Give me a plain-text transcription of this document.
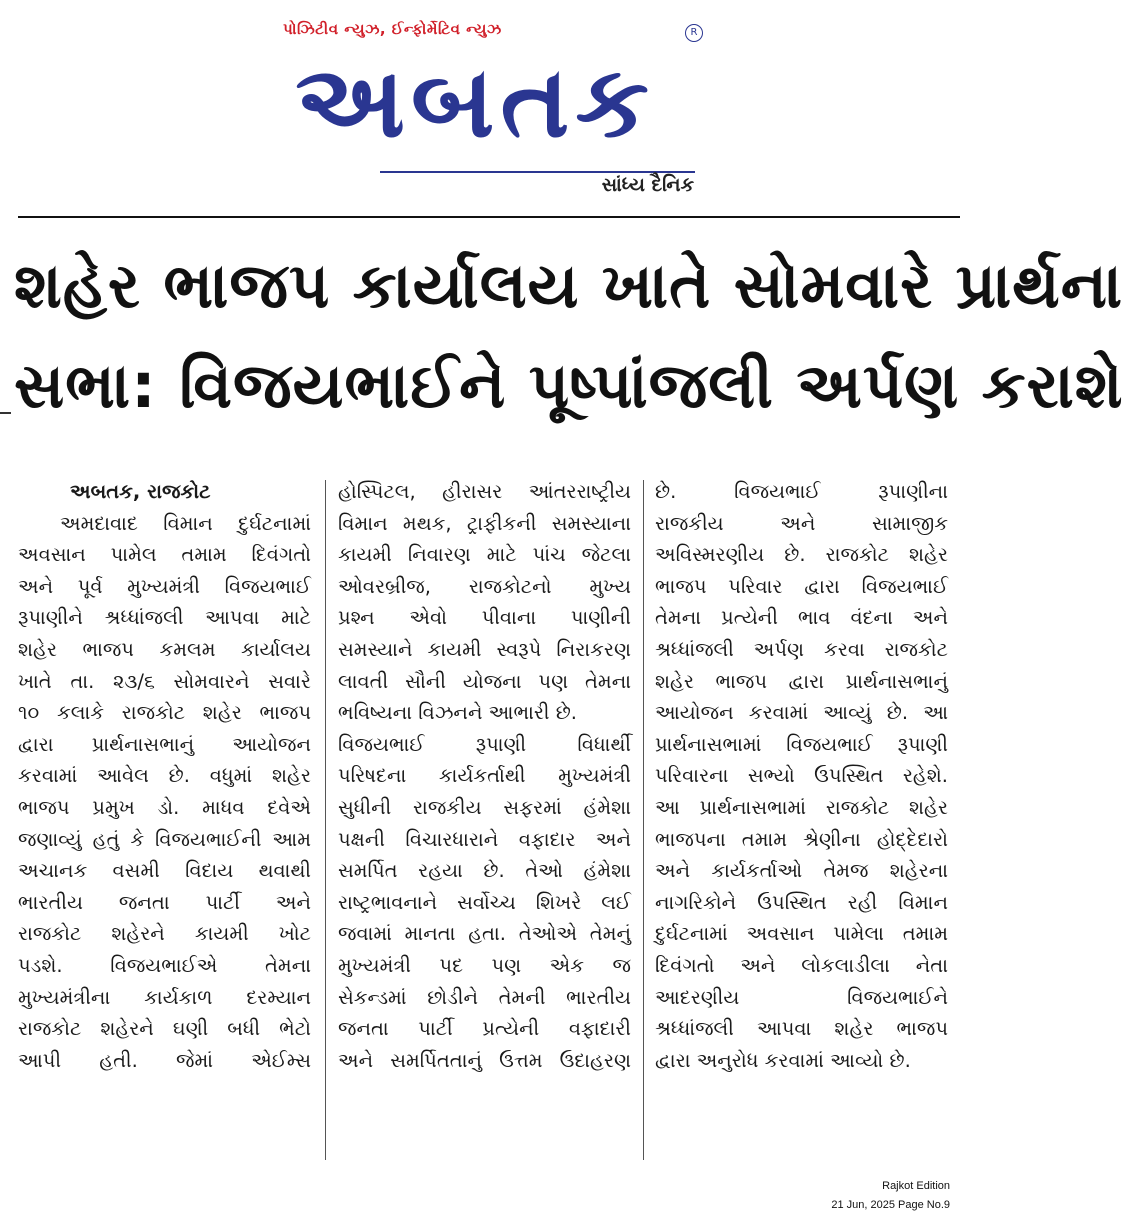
પોઝિટીવ ન્યુઝ, ઈન્ફોર્મેટિવ ન્યુઝ	R
અબતક
સાંધ્ય દૈનિક
શહેર ભાજપ કાર્યાલય ખાતે સોમવારે પ્રાર્થના
સભા: વિજયભાઈને પૂષ્પાંજલી અર્પણ કરાશે
અબતક, રાજકોટ
અમદાવાદ વિમાન દુર્ઘટનામાં
અવસાન પામેલ તમામ દિવંગતો
અને પૂર્વ મુખ્યમંત્રી વિજયભાઈ
રૂપાણીને શ્રધ્ધાંજલી આપવા માટે
શહેર ભાજપ કમલમ કાર્યાલય
ખાતે તા. ૨૩/૬ સોમવારને સવારે
૧૦ કલાકે રાજકોટ શહેર ભાજપ
દ્વારા પ્રાર્થનાસભાનું આયોજન
કરવામાં આવેલ છે. વધુમાં શહેર
ભાજપ પ્રમુખ ડો. માધવ દવેએ
જણાવ્યું હતું કે વિજયભાઈની આમ
અચાનક વસમી વિદાય થવાથી
ભારતીય જનતા પાર્ટી અને
રાજકોટ શહેરને કાયમી ખોટ
પડશે. વિજયભાઈએ તેમના
મુખ્યમંત્રીના કાર્યકાળ દરમ્યાન
રાજકોટ શહેરને ઘણી બધી ભેટો
આપી હતી. જેમાં એઈમ્સ
હોસ્પિટલ, હીરાસર આંતરરાષ્ટ્રીય
વિમાન મથક, ટ્રાફીકની સમસ્યાના
કાયમી નિવારણ માટે પાંચ જેટલા
ઓવરબ્રીજ, રાજકોટનો મુખ્ય
પ્રશ્ન એવો પીવાના પાણીની
સમસ્યાને કાયમી સ્વરૂપે નિરાકરણ
લાવતી સૌની યોજના પણ તેમના
ભવિષ્યના વિઝનને આભારી છે.
વિજયભાઈ રૂપાણી વિધાર્થી
પરિષદના કાર્યકર્તાથી મુખ્યમંત્રી
સુધીની રાજકીય સફરમાં હંમેશા
પક્ષની વિચારધારાને વફાદાર અને
સમર્પિત રહયા છે. તેઓ હંમેશા
રાષ્ટ્રભાવનાને સર્વોચ્ચ શિખરે લઈ
જવામાં માનતા હતા. તેઓએ તેમનું
મુખ્યમંત્રી પદ પણ એક જ
સેકન્ડમાં છોડીને તેમની ભારતીય
જનતા પાર્ટી પ્રત્યેની વફાદારી
અને સમર્પિતતાનું ઉત્તમ ઉદાહરણ
છે. વિજયભાઈ રૂપાણીના
રાજકીય અને સામાજીક
અવિસ્મરણીય છે. રાજકોટ શહેર
ભાજપ પરિવાર દ્વારા વિજયભાઈ
તેમના પ્રત્યેની ભાવ વંદના અને
શ્રધ્ધાંજલી અર્પણ કરવા રાજકોટ
શહેર ભાજપ દ્વારા પ્રાર્થનાસભાનું
આયોજન કરવામાં આવ્યું છે. આ
પ્રાર્થનાસભામાં વિજયભાઈ રૂપાણી
પરિવારના સભ્યો ઉપસ્થિત રહેશે.
આ પ્રાર્થનાસભામાં રાજકોટ શહેર
ભાજપના તમામ શ્રેણીના હોદ્દેદારો
અને કાર્યકર્તાઓ તેમજ શહેરના
નાગરિકોને ઉપસ્થિત રહી વિમાન
દુર્ઘટનામાં અવસાન પામેલા તમામ
દિવંગતો અને લોકલાડીલા નેતા
આદરણીય વિજયભાઈને
શ્રધ્ધાંજલી આપવા શહેર ભાજપ
દ્વારા અનુરોધ કરવામાં આવ્યો છે.
Rajkot Edition
21 Jun, 2025 Page No.9
